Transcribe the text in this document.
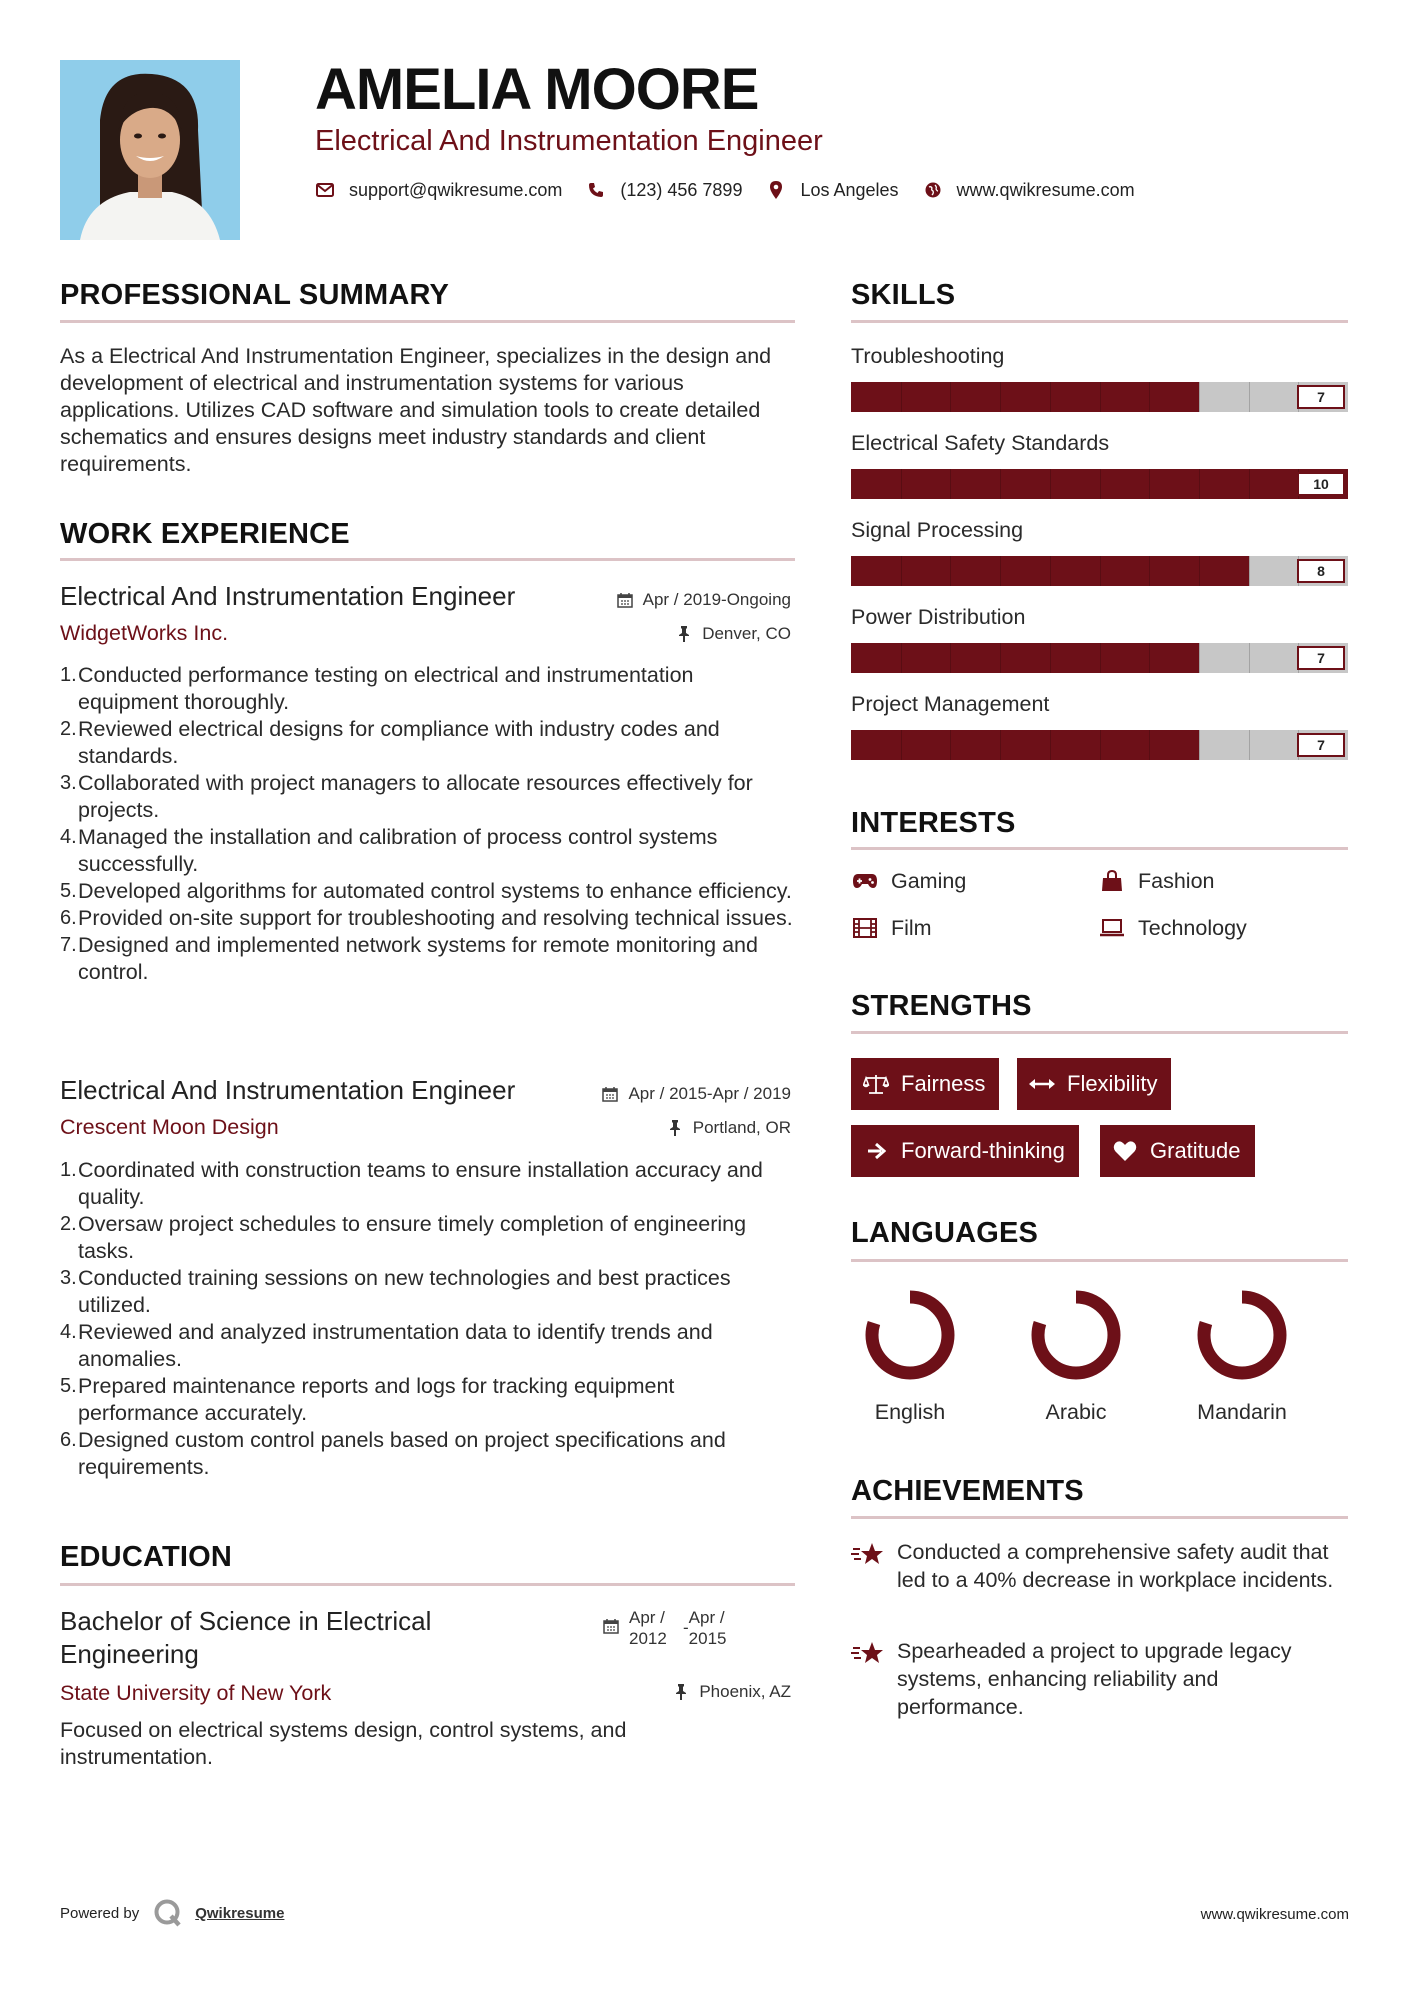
AMELIA MOORE
Electrical And Instrumentation Engineer
support@qwikresume.com	(123) 456 7899	Los Angeles	www.qwikresume.com
PROFESSIONAL SUMMARY
As a Electrical And Instrumentation Engineer, specializes in the design and development of electrical and instrumentation systems for various applications. Utilizes CAD software and simulation tools to create detailed schematics and ensures designs meet industry standards and client requirements.
WORK EXPERIENCE
Electrical And Instrumentation Engineer	Apr / 2019-Ongoing
WidgetWorks Inc.	Denver, CO
Conducted performance testing on electrical and instrumentation equipment thoroughly.
Reviewed electrical designs for compliance with industry codes and standards.
Collaborated with project managers to allocate resources effectively for projects.
Managed the installation and calibration of process control systems successfully.
Developed algorithms for automated control systems to enhance efficiency.
Provided on-site support for troubleshooting and resolving technical issues.
Designed and implemented network systems for remote monitoring and control.
Electrical And Instrumentation Engineer	Apr / 2015-Apr / 2019
Crescent Moon Design	Portland, OR
Coordinated with construction teams to ensure installation accuracy and quality.
Oversaw project schedules to ensure timely completion of engineering tasks.
Conducted training sessions on new technologies and best practices utilized.
Reviewed and analyzed instrumentation data to identify trends and anomalies.
Prepared maintenance reports and logs for tracking equipment performance accurately.
Designed custom control panels based on project specifications and requirements.
EDUCATION
Bachelor of Science in Electrical Engineering
Apr /
2012
-
Apr /
2015
State University of New York	Phoenix, AZ
Focused on electrical systems design, control systems, and instrumentation.
SKILLS
Troubleshooting
7
Electrical Safety Standards
10
Signal Processing
8
Power Distribution
7
Project Management
7
INTERESTS
Gaming	Fashion
Film	Technology
STRENGTHS
Fairness	Flexibility
Forward-thinking	Gratitude
LANGUAGES
English	Arabic	Mandarin
ACHIEVEMENTS
Conducted a comprehensive safety audit that led to a 40% decrease in workplace incidents.
Spearheaded a project to upgrade legacy systems, enhancing reliability and performance.
Powered by	Qwikresume	www.qwikresume.com
